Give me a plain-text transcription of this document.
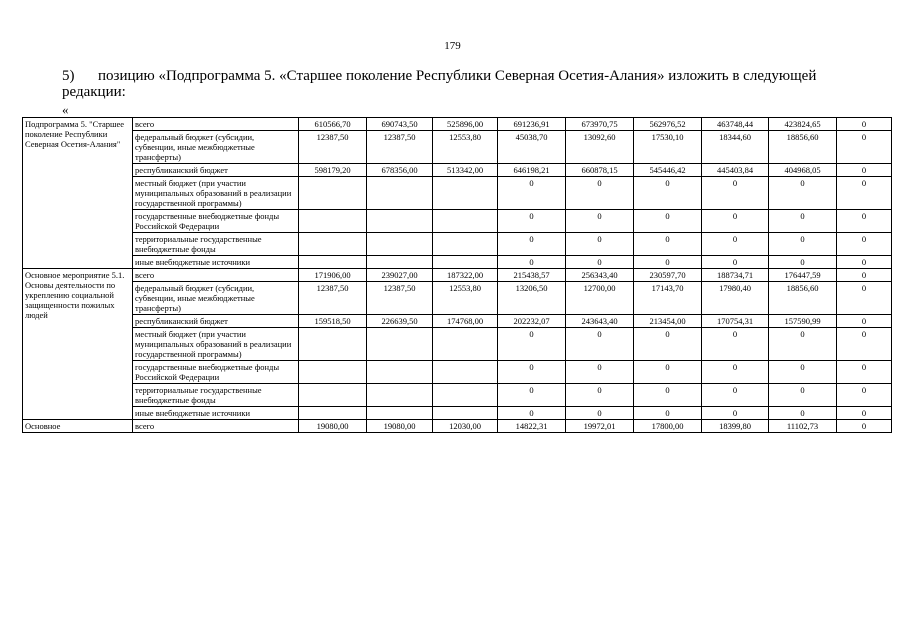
179
5) позицию «Подпрограмма 5. «Старшее поколение Республики Северная Осетия-Алания» изложить в следующей редакции:
«
Подпрограмма 5. "Старшее поколение Республики Северная Осетия-Алания"	всего	610566,70	690743,50	525896,00	691236,91	673970,75	562976,52	463748,44	423824,65	0
	федеральный бюджет (субсидии, субвенции, иные межбюджетные трансферты)	12387,50	12387,50	12553,80	45038,70	13092,60	17530,10	18344,60	18856,60	0
	республиканский бюджет	598179,20	678356,00	513342,00	646198,21	660878,15	545446,42	445403,84	404968,05	0
	местный бюджет (при участии муниципальных образований в реализации государственной программы)				0	0	0	0	0	0
	государственные внебюджетные фонды Российской Федерации				0	0	0	0	0	0
	территориальные государственные внебюджетные фонды				0	0	0	0	0	0
	иные внебюджетные источники				0	0	0	0	0	0
Основное мероприятие 5.1. Основы деятельности по укреплению социальной защищенности пожилых людей	всего	171906,00	239027,00	187322,00	215438,57	256343,40	230597,70	188734,71	176447,59	0
	федеральный бюджет (субсидии, субвенции, иные межбюджетные трансферты)	12387,50	12387,50	12553,80	13206,50	12700,00	17143,70	17980,40	18856,60	0
	республиканский бюджет	159518,50	226639,50	174768,00	202232,07	243643,40	213454,00	170754,31	157590,99	0
	местный бюджет (при участии муниципальных образований в реализации государственной программы)				0	0	0	0	0	0
	государственные внебюджетные фонды Российской Федерации				0	0	0	0	0	0
	территориальные государственные внебюджетные фонды				0	0	0	0	0	0
	иные внебюджетные источники				0	0	0	0	0	0
Основное	всего	19080,00	19080,00	12030,00	14822,31	19972,01	17800,00	18399,80	11102,73	0
